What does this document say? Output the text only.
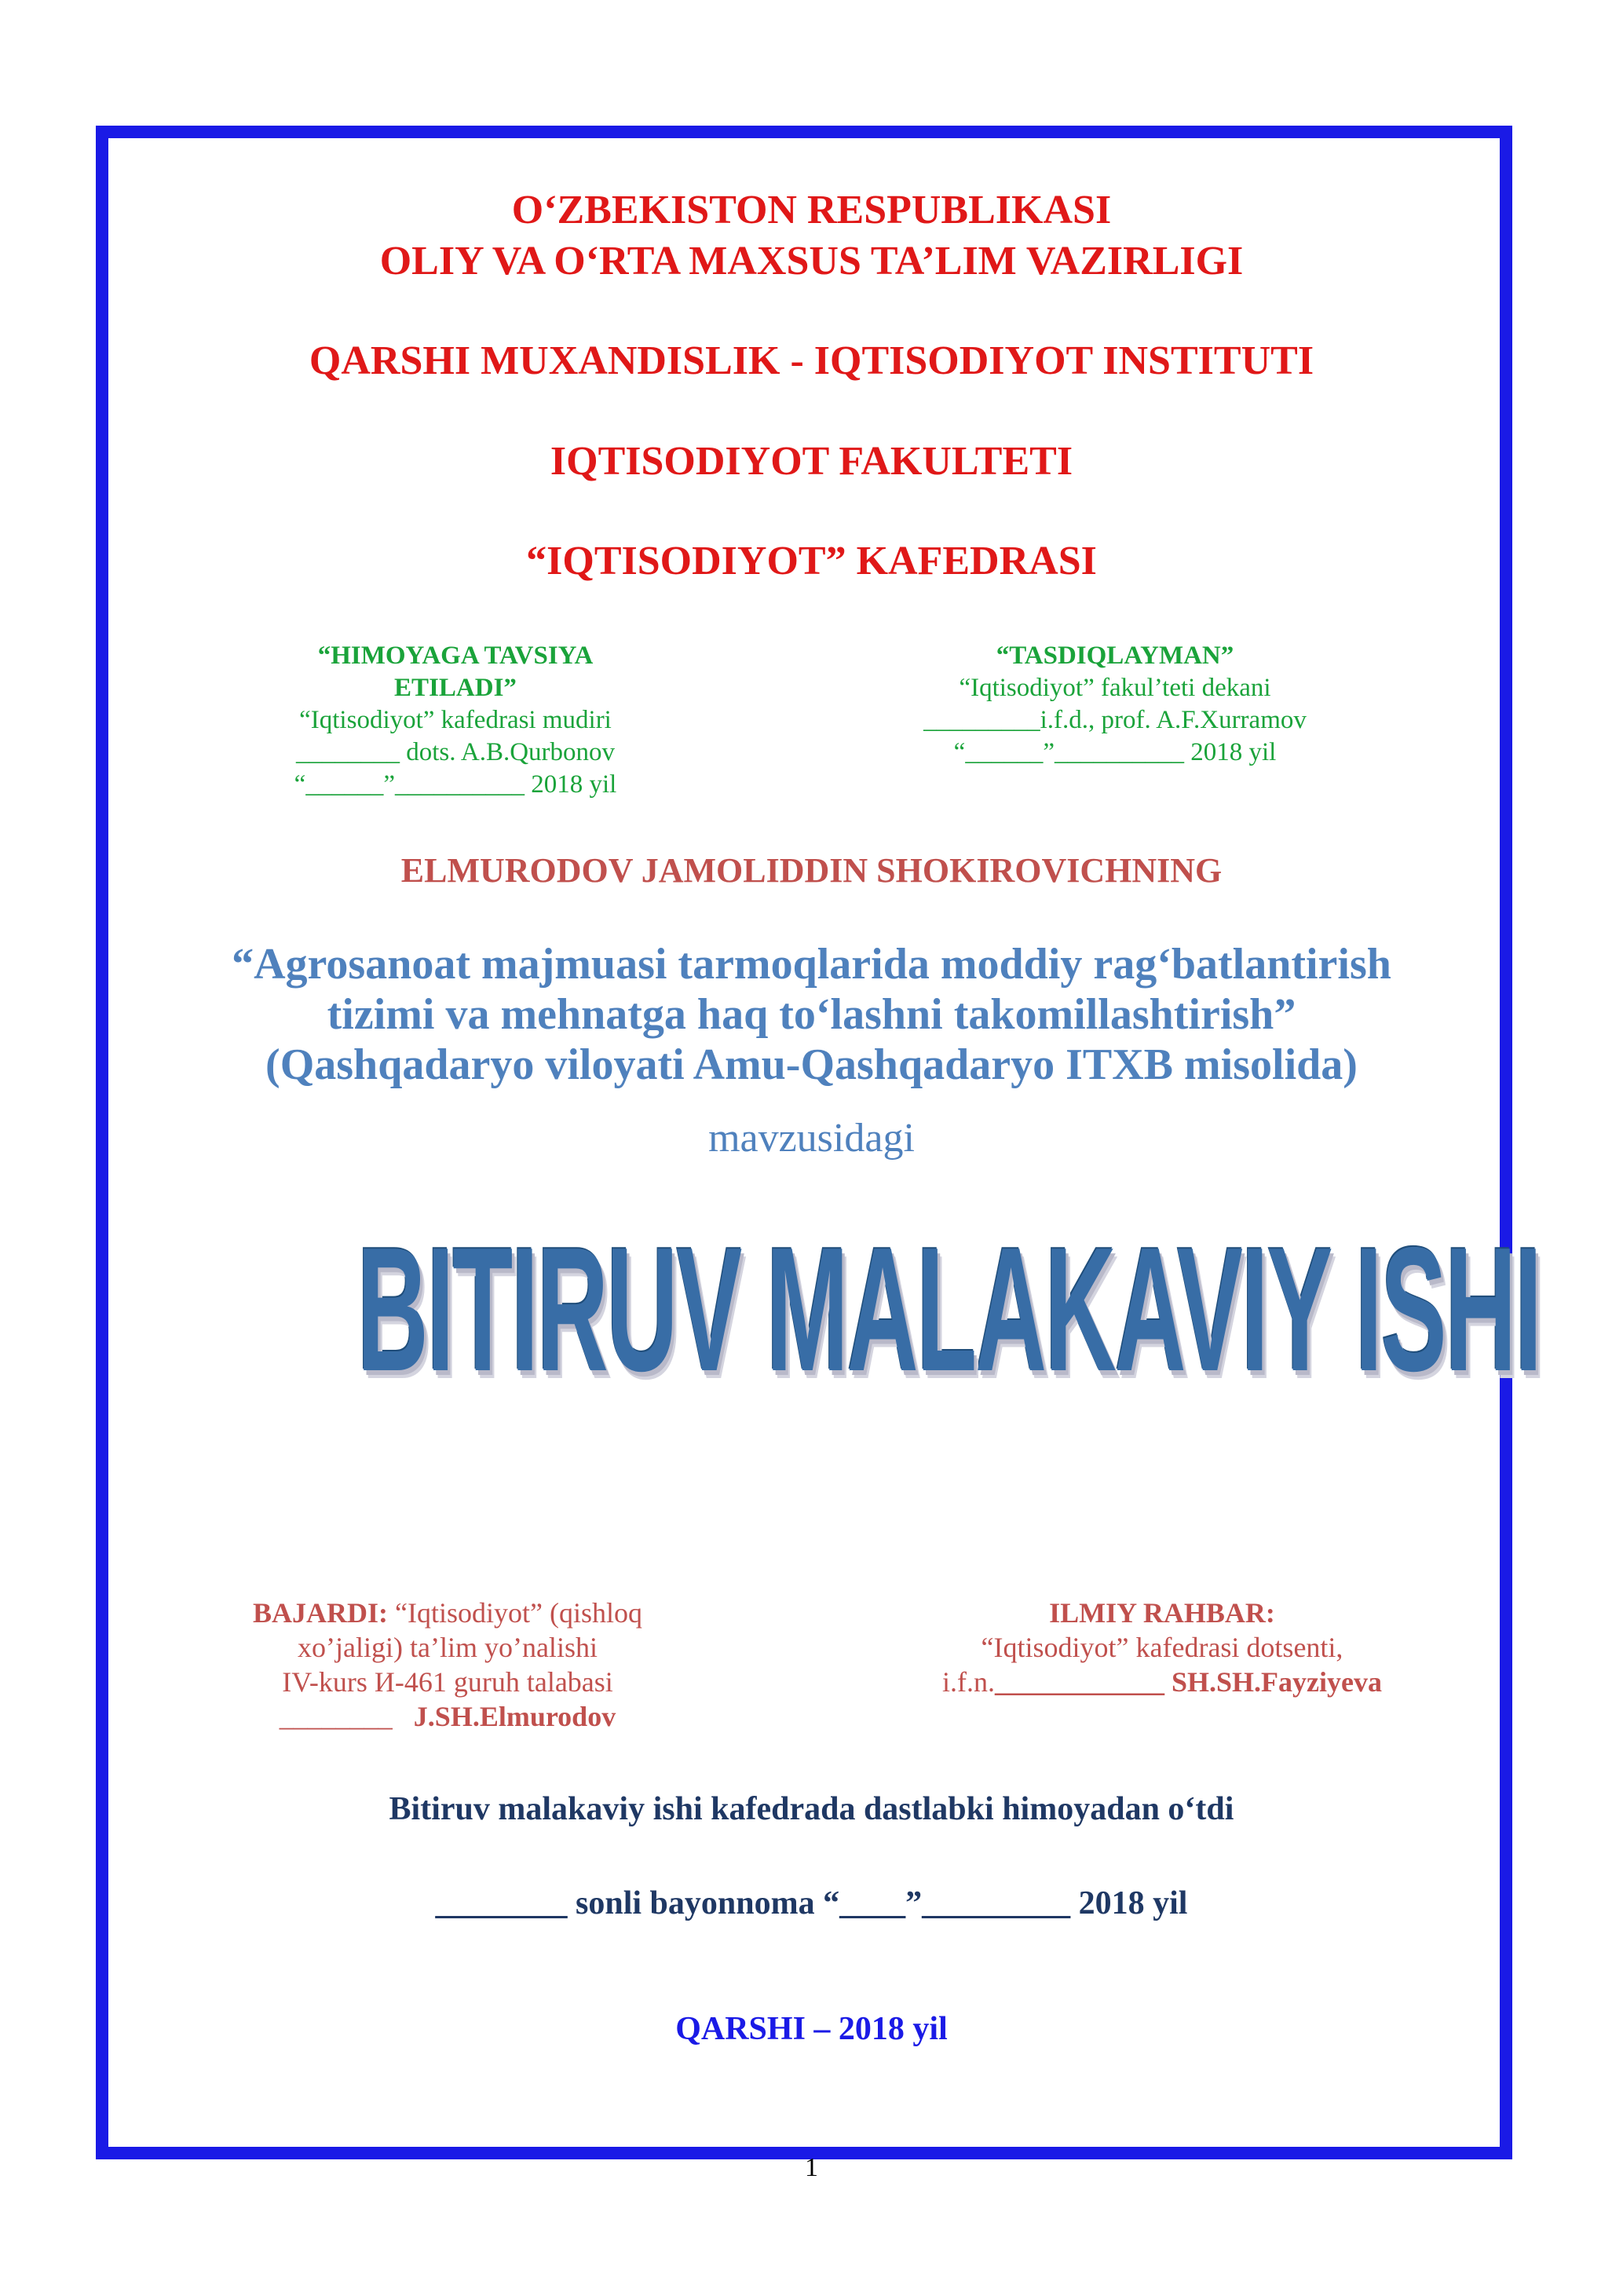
O‘ZBEKISTON RESPUBLIKASI
OLIY VA O‘RTA MAXSUS TA’LIM VAZIRLIGI
QARSHI MUXANDISLIK - IQTISODIYOT INSTITUTI
IQTISODIYOT FAKULTETI
“IQTISODIYOT” KAFEDRASI
“HIMOYAGA TAVSIYA
ETILADI”
“Iqtisodiyot” kafedrasi mudiri
________ dots. A.B.Qurbonov
“______”__________ 2018 yil
“TASDIQLAYMAN”
“Iqtisodiyot” fakul’teti dekani
_________i.f.d., prof. A.F.Xurramov
“______”__________ 2018 yil
ELMURODOV JAMOLIDDIN SHOKIROVICHNING
“Agrosanoat majmuasi tarmoqlarida moddiy rag‘batlantirish
tizimi va mehnatga haq to‘lashni takomillashtirish”
(Qashqadaryo viloyati Amu-Qashqadaryo ITXB misolida)
mavzusidagi
BITIRUV MALAKAVIY ISHI
BAJARDI: “Iqtisodiyot” (qishloq
xo’jaligi) ta’lim yo’nalishi
IV-kurs И-461 guruh talabasi
________ J.SH.Elmurodov
ILMIY RAHBAR:
“Iqtisodiyot” kafedrasi dotsenti,
i.f.n.____________ SH.SH.Fayziyeva
Bitiruv malakaviy ishi kafedrada dastlabki himoyadan o‘tdi
________ sonli bayonnoma “____”_________ 2018 yil
QARSHI – 2018 yil
1
